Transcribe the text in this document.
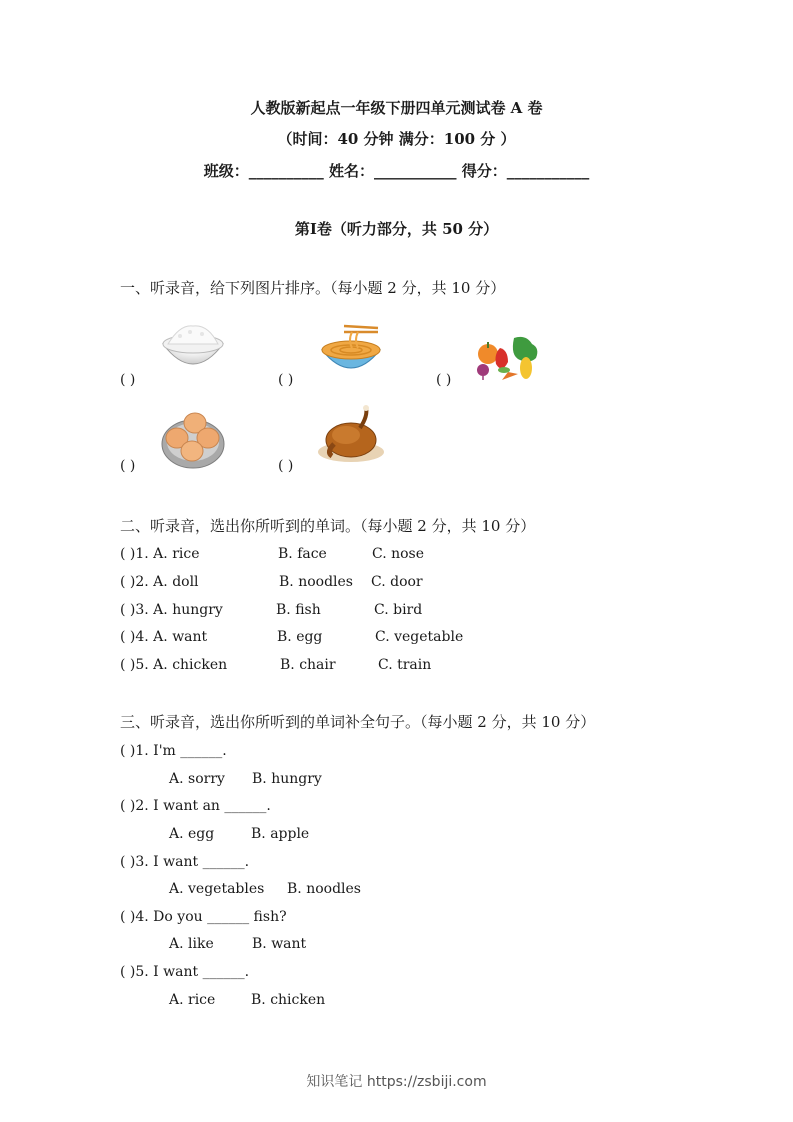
人教版新起点一年级下册四单元测试卷 A 卷
（时间：40 分钟 满分：100 分 ）
班级：__________ 姓名：___________ 得分：___________
第I卷（听力部分，共 50 分）
一、听录音，给下列图片排序。（每小题 2 分，共 10 分）
( )	( )	( )
( )	( )
二、听录音，选出你所听到的单词。（每小题 2 分，共 10 分）
( )1. A. rice	B. face	C. nose
( )2. A. doll	B. noodles C. door
( )3. A. hungry	B. fish	C. bird
( )4. A. want	B. egg	C. vegetable
( )5. A. chicken	B. chair	C. train
三、听录音，选出你所听到的单词补全句子。（每小题 2 分，共 10 分）
( )1. I'm ______.
A. sorry B. hungry
( )2. I want an ______.
A. egg	B. apple
( )3. I want ______.
A. vegetables B. noodles
( )4. Do you ______ fish?
A. like	B. want
( )5. I want ______.
A. rice	B. chicken
知识笔记 https://zsbiji.com
